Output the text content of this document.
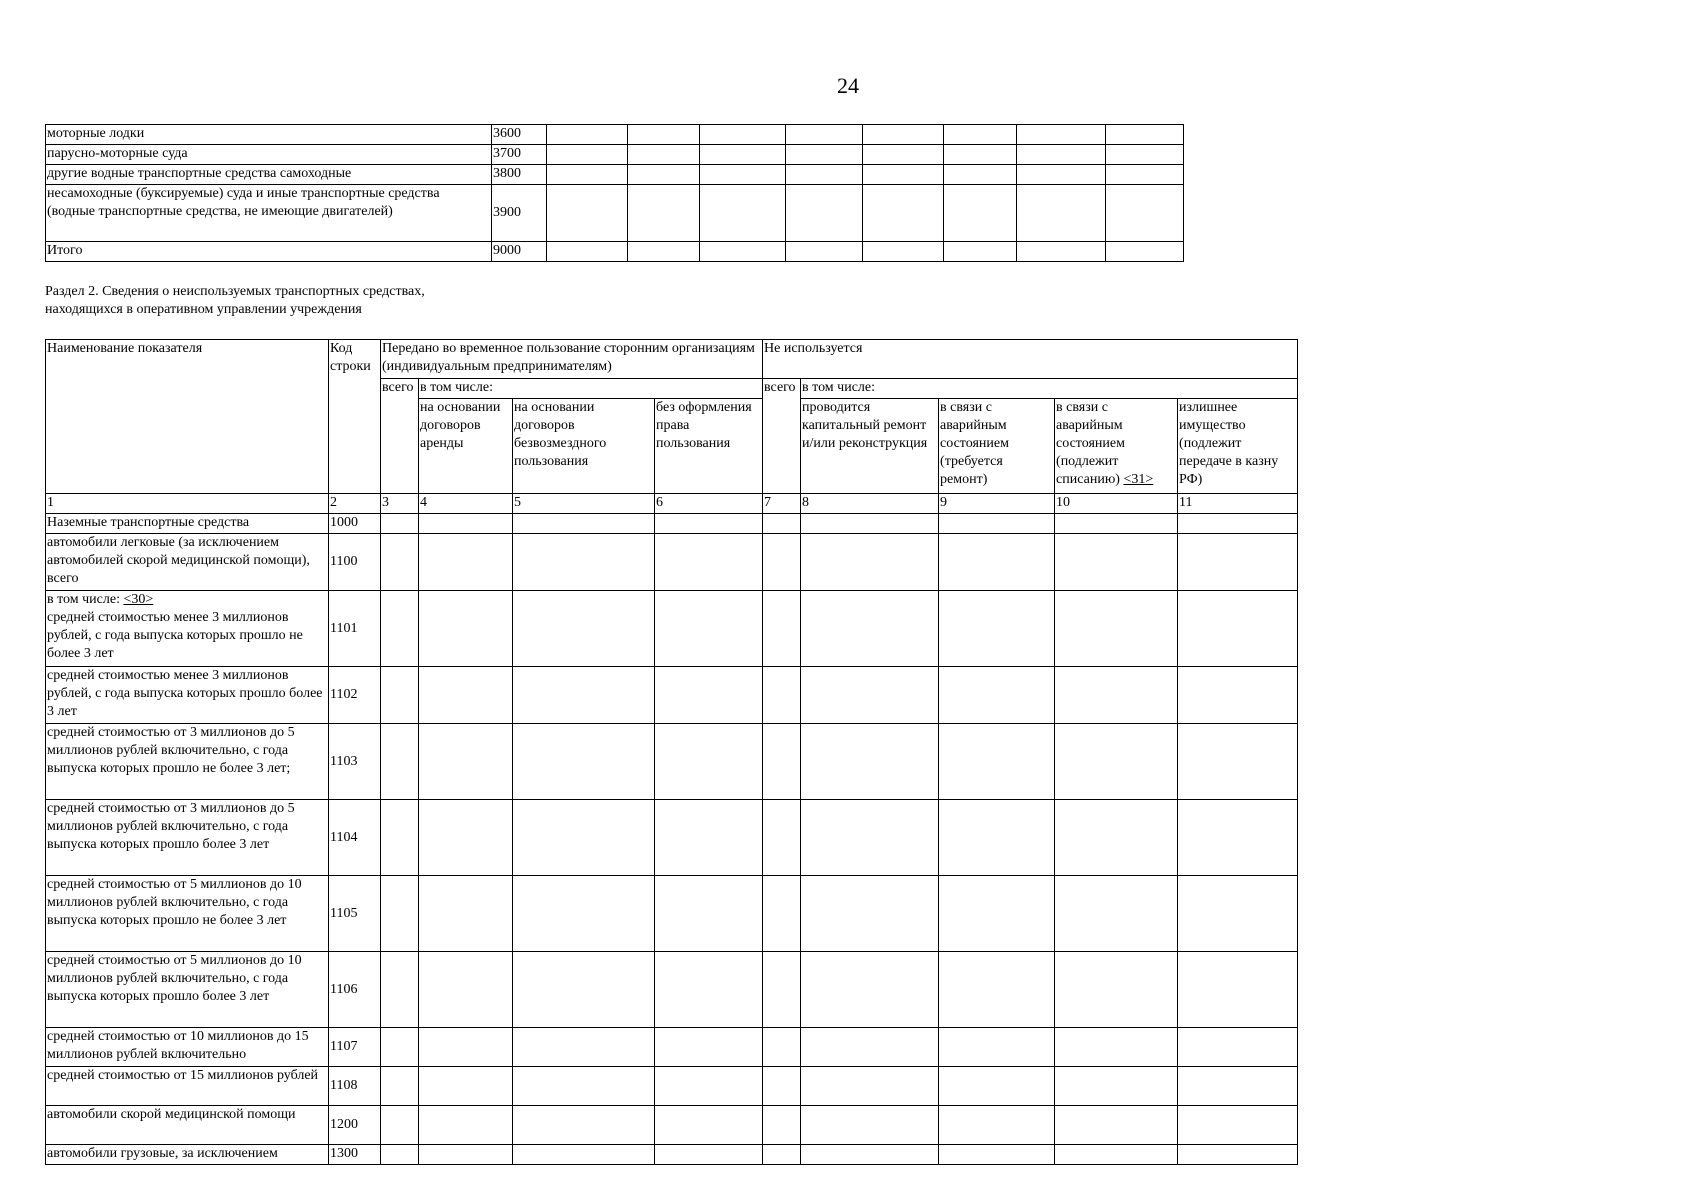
24
моторные лодки	3600								
парусно-моторные суда	3700								
другие водные транспортные средства самоходные	3800								
несамоходные (буксируемые) суда и иные транспортные средства (водные транспортные средства, не имеющие двигателей)	3900								
Итого	9000								
Раздел 2. Сведения о неиспользуемых транспортных средствах,
находящихся в оперативном управлении учреждения
Наименование показателя	Код строки	Передано во временное пользование сторонним организациям (индивидуальным предпринимателям)				Не используется				
		всего	в том числе:			всего	в том числе:			
			на основании договоров аренды	на основании договоров безвозмездного пользования	без оформления права пользования		проводится капитальный ремонт и/или реконструкция	в связи с аварийным состоянием (требуется ремонт)	в связи с аварийным состоянием (подлежит списанию) <31>	излишнее имущество (подлежит передаче в казну РФ)
1	2	3	4	5	6	7	8	9	10	11
Наземные транспортные средства	1000									
автомобили легковые (за исключением автомобилей скорой медицинской помощи), всего	1100									
в том числе: <30>
средней стоимостью менее 3 миллионов рублей, с года выпуска которых прошло не более 3 лет	1101									
средней стоимостью менее 3 миллионов рублей, с года выпуска которых прошло более 3 лет	1102									
средней стоимостью от 3 миллионов до 5 миллионов рублей включительно, с года выпуска которых прошло не более 3 лет;	1103									
средней стоимостью от 3 миллионов до 5 миллионов рублей включительно, с года выпуска которых прошло более 3 лет	1104									
средней стоимостью от 5 миллионов до 10 миллионов рублей включительно, с года выпуска которых прошло не более 3 лет	1105									
средней стоимостью от 5 миллионов до 10 миллионов рублей включительно, с года выпуска которых прошло более 3 лет	1106									
средней стоимостью от 10 миллионов до 15 миллионов рублей включительно	1107									
средней стоимостью от 15 миллионов рублей	1108									
автомобили скорой медицинской помощи	1200									
автомобили грузовые, за исключением	1300									
